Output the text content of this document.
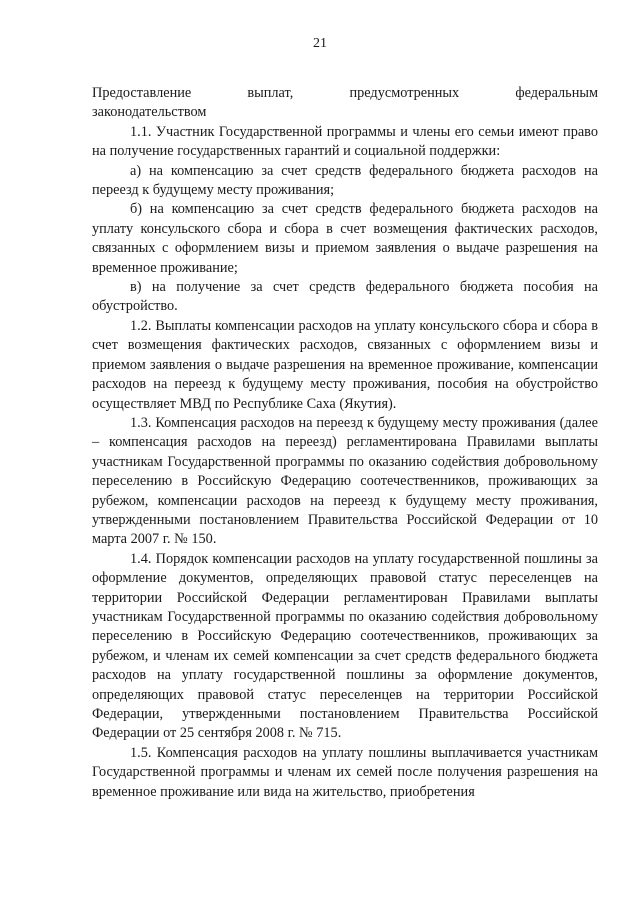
21

Предоставление выплат, предусмотренных федеральным

законодательством

1.1. Участник Государственной программы и члены его семьи имеют право на получение государственных гарантий и социальной поддержки:

а) на компенсацию за счет средств федерального бюджета расходов на переезд к будущему месту проживания;

б) на компенсацию за счет средств федерального бюджета расходов на уплату консульского сбора и сбора в счет возмещения фактических расходов, связанных с оформлением визы и приемом заявления о выдаче разрешения на временное проживание;

в) на получение за счет средств федерального бюджета пособия на обустройство.

1.2. Выплаты компенсации расходов на уплату консульского сбора и сбора в счет возмещения фактических расходов, связанных с оформлением визы и приемом заявления о выдаче разрешения на временное проживание, компенсации расходов на переезд к будущему месту проживания, пособия на обустройство осуществляет МВД по Республике Саха (Якутия).

1.3. Компенсация расходов на переезд к будущему месту проживания (далее – компенсация расходов на переезд) регламентирована Правилами выплаты участникам Государственной программы по оказанию содействия добровольному переселению в Российскую Федерацию соотечественников, проживающих за рубежом, компенсации расходов на переезд к будущему месту проживания, утвержденными постановлением Правительства Российской Федерации от 10 марта 2007 г. № 150.

1.4. Порядок компенсации расходов на уплату государственной пошлины за оформление документов, определяющих правовой статус переселенцев на территории Российской Федерации регламентирован Правилами выплаты участникам Государственной программы по оказанию содействия добровольному переселению в Российскую Федерацию соотечественников, проживающих за рубежом, и членам их семей компенсации за счет средств федерального бюджета расходов на уплату государственной пошлины за оформление документов, определяющих правовой статус переселенцев на территории Российской Федерации, утвержденными постановлением Правительства Российской Федерации от 25 сентября 2008 г. № 715.

1.5. Компенсация расходов на уплату пошлины выплачивается участникам Государственной программы и членам их семей после получения разрешения на временное проживание или вида на жительство, приобретения
